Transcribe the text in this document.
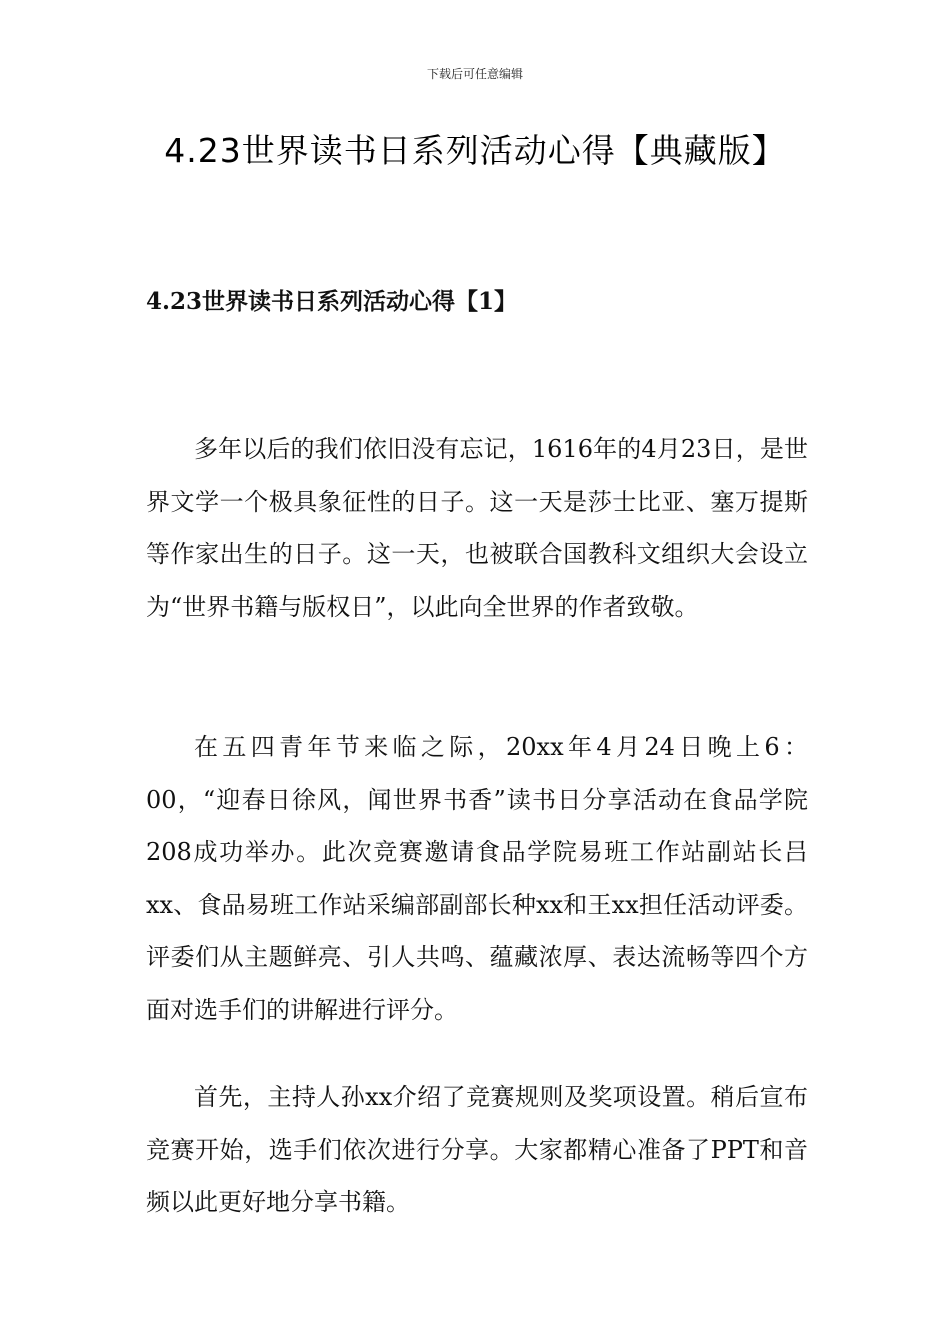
下载后可任意编辑
4.23世界读书日系列活动心得【典藏版】
4.23世界读书日系列活动心得【1】

多年以后的我们依旧没有忘记，1616年的4月23日，是世界文学一个极具象征性的日子。这一天是莎士比亚、塞万提斯等作家出生的日子。这一天，也被联合国教科文组织大会设立为“世界书籍与版权日”，以此向全世界的作者致敬。

在五四青年节来临之际，20xx年4月24日晚上6：00，“迎春日徐风，闻世界书香”读书日分享活动在食品学院208成功举办。此次竞赛邀请食品学院易班工作站副站长吕xx、食品易班工作站采编部副部长种xx和王xx担任活动评委。评委们从主题鲜亮、引人共鸣、蕴藏浓厚、表达流畅等四个方面对选手们的讲解进行评分。

首先，主持人孙xx介绍了竞赛规则及奖项设置。稍后宣布竞赛开始，选手们依次进行分享。大家都精心准备了PPT和音频以此更好地分享书籍。
